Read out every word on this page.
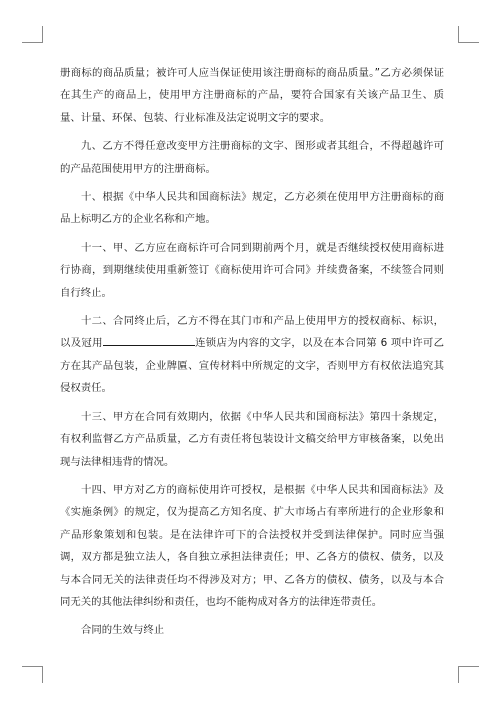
册商标的商品质量；被许可人应当保证使用该注册商标的商品质量。”乙方必须保证在其生产的商品上，使用甲方注册商标的产品，要符合国家有关该产品卫生、质量、计量、环保、包装、行业标准及法定说明文字的要求。

九、乙方不得任意改变甲方注册商标的文字、图形或者其组合，不得超越许可的产品范围使用甲方的注册商标。

十、根据《中华人民共和国商标法》规定，乙方必须在使用甲方注册商标的商品上标明乙方的企业名称和产地。

十一、甲、乙方应在商标许可合同到期前两个月，就是否继续授权使用商标进行协商，到期继续使用重新签订《商标使用许可合同》并续费备案，不续签合同则自行终止。

十二、合同终止后，乙方不得在其门市和产品上使用甲方的授权商标、标识，以及冠用	连锁店为内容的文字，以及在本合同第 6 项中许可乙方在其产品包装，企业牌匾、宣传材料中所规定的文字，否则甲方有权依法追究其侵权责任。

十三、甲方在合同有效期内，依据《中华人民共和国商标法》第四十条规定，有权利监督乙方产品质量，乙方有责任将包装设计文稿交给甲方审核备案，以免出现与法律相违背的情况。

十四、甲方对乙方的商标使用许可授权，是根据《中华人民共和国商标法》及《实施条例》的规定，仅为提高乙方知名度、扩大市场占有率所进行的企业形象和产品形象策划和包装。是在法律许可下的合法授权并受到法律保护。同时应当强调，双方都是独立法人，各自独立承担法律责任；甲、乙各方的债权、债务，以及与本合同无关的法律责任均不得涉及对方；甲、乙各方的债权、债务，以及与本合同无关的其他法律纠纷和责任，也均不能构成对各方的法律连带责任。

合同的生效与终止
